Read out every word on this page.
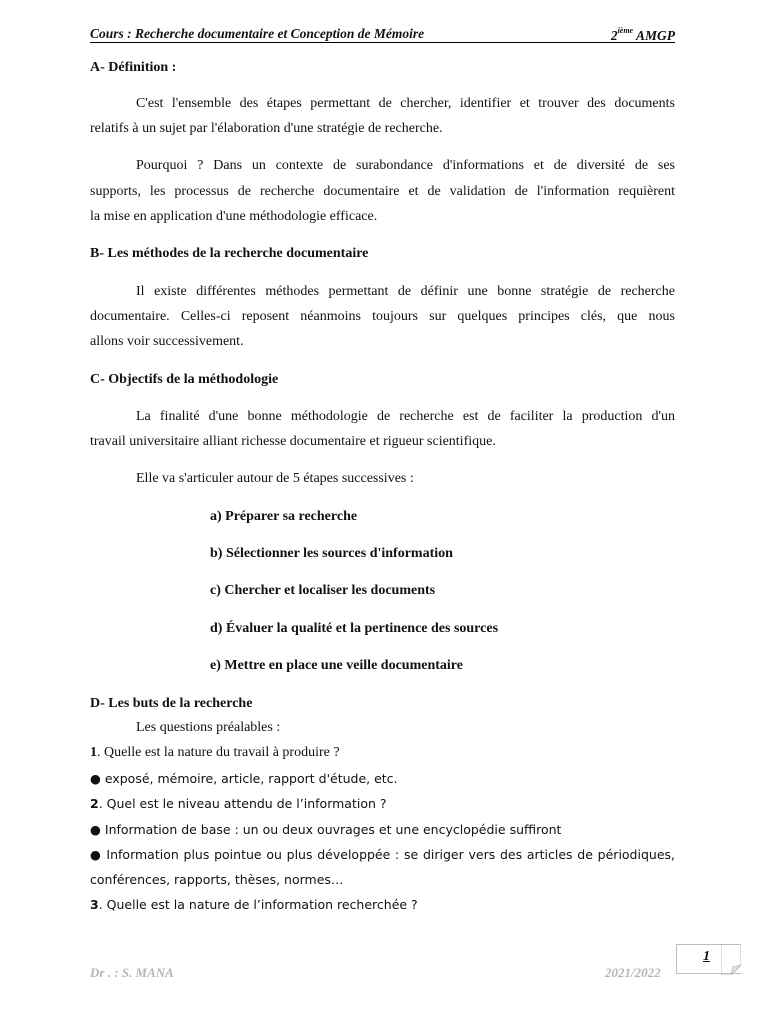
Cours : Recherche documentaire et Conception de Mémoire	2ième AMGP
A- Définition :
C'est l'ensemble des étapes permettant de chercher, identifier et trouver des documents
relatifs à un sujet par l'élaboration d'une stratégie de recherche.
Pourquoi ? Dans un contexte de surabondance d'informations et de diversité de ses
supports, les processus de recherche documentaire et de validation de l'information requièrent
la mise en application d'une méthodologie efficace.
B- Les méthodes de la recherche documentaire
Il existe différentes méthodes permettant de définir une bonne stratégie de recherche
documentaire. Celles-ci reposent néanmoins toujours sur quelques principes clés, que nous
allons voir successivement.
C- Objectifs de la méthodologie
La finalité d'une bonne méthodologie de recherche est de faciliter la production d'un
travail universitaire alliant richesse documentaire et rigueur scientifique.
Elle va s'articuler autour de 5 étapes successives :
a) Préparer sa recherche
b) Sélectionner les sources d'information
c) Chercher et localiser les documents
d) Évaluer la qualité et la pertinence des sources
e) Mettre en place une veille documentaire
D- Les buts de la recherche
Les questions préalables :
1. Quelle est la nature du travail à produire ?
● exposé, mémoire, article, rapport d'étude, etc.
2. Quel est le niveau attendu de l’information ?
● Information de base : un ou deux ouvrages et une encyclopédie suffiront
● Information plus pointue ou plus développée : se diriger vers des articles de périodiques,
conférences, rapports, thèses, normes…
3. Quelle est la nature de l’information recherchée ?
Dr . : S. MANA	2021/2022
1
